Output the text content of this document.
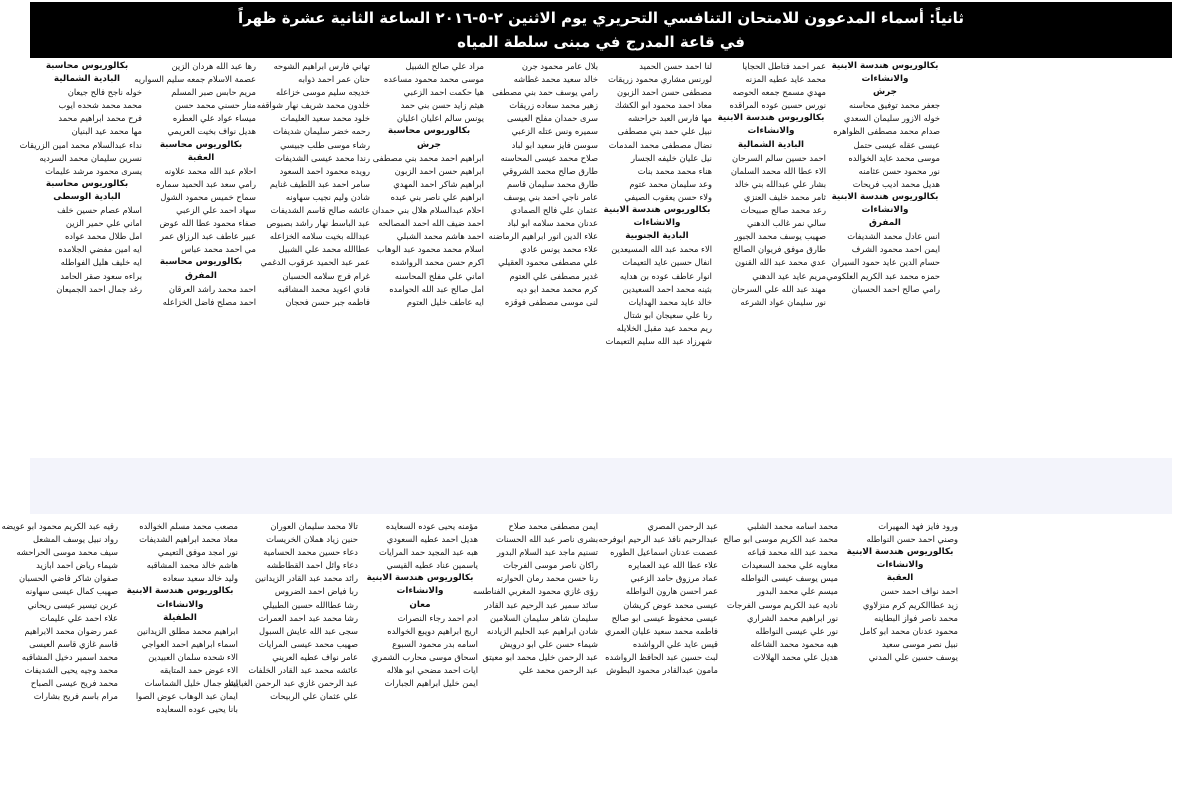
ثانياً: أسماء المدعوون للامتحان التنافسي التحريري يوم الاثنين ٢-٥-٢٠١٦ الساعة الثانية عشرة ظهراً
في قاعة المدرج في مبنى سلطة المياه
بكالوريوس محاسبة
البادية الشمالية
خوله ناجح فالح جيعان
محمد محمد شحده ايوب
فرح محمد ابراهيم محمد
مها محمد عيد البنيان
نداء عبدالسلام محمد امين الزريقات
نسرين سليمان محمد السرديه
يسرى محمود مرشد عليمات
بكالوريوس محاسبة
البادية الوسطى
اسلام عصام حسين خلف
اماني علي حمير الزين
امل طلال محمد عواده
ايه امين مفضي الجلامده
ايه خليف هليل الفواطله
براءه سعود صقر الحامد
رغد جمال احمد الجميعان
رها عبد الله هردان الزين
عصمة الاسلام جمعه سليم السواريه
مريم حابس صبر المسلم
منار حسني محمد حسن
ميساء عواد علي العطره
هديل نواف بخيت العريمي
بكالوريوس محاسبة
العقبة
احلام عبد الله محمد علاونه
رامي سعد عبد الحميد سماره
سماح خميس محمود الشول
سهاد احمد علي الزعبي
صفاء محمود عطا الله عوض
عبير عاطف عبد الرزاق عمر
مي احمد محمد عباس
بكالوريوس محاسبة
المفرق
احمد محمد راشد العرقان
احمد مصلح فاضل الخزاعله
تهاني فارس ابراهيم الشوحه
حنان عمر احمد ذوابه
خديجه سليم موسى خزاعله
خلدون محمد شريف نهار شواقفه
خلود محمد سعيد العليمات
رحمه خضر سليمان شديفات
رشاء موسى طلب جبيسي
رندا محمد عيسى الشديفات
رويده محمود احمد السعود
سامر احمد عبد اللطيف غنايم
شادن وليم نجيب سهاونه
عائشه صالح قاسم الشديفات
عبد الباسط نهار راشد بصبوص
عبدالله بخيت سلامه الخزاعله
عطاالله محمد علي الشبيل
عمر عبد الحميد عرقوب الدغمي
غرام فرج سلامه الحسبان
فادي اعويد محمد المشاقبه
فاطمه جبر حسن فحجان
مراد علي صالح الشبيل
موسى محمد محمود مساعده
هيا حكمت احمد الزعبي
هيثم زايد حسن بني حمد
يونس سالم اعليان اعليان
بكالوريوس محاسبة
جرش
ابراهيم احمد محمد بني مصطفى
ابراهيم حسن احمد الزبون
ابراهيم شاكر احمد المهدي
ابراهيم علي ناصر بني عبده
احلام عبدالسلام هلال بني حمدان
احمد ضيف الله احمد المصالحه
احمد هاشم محمد الشبلي
اسلام محمد محمود عبد الوهاب
اكرم حسن محمد الرواشده
اماني علي مفلح المحاسنه
امل صالح عبد الله الحوامده
ايه عاطف خليل العتوم
بلال عامر محمود جرن
خالد سعيد محمد غطاشه
رامي يوسف حمد بني مصطفى
زهير محمد سعاده زريقات
سرى حمدان مفلح العيسى
سميره ونس عتله الزعبي
سوسن فايز سعيد ابو لباد
صلاح محمد عيسى المحاسنه
طارق صالح محمد الشروقي
طارق محمد سليمان قاسم
عامر ناجي احمد بني يوسف
عثمان علي فالح الصمادي
عدنان محمد سلامه ابو لباد
علاء الدين انور ابراهيم الرماضنه
علاء محمد يونس عادي
علي مصطفى محمود العقيلي
غدير مصطفى علي العتوم
كرم محمد محمد ابو ديه
لنى موسى مصطفى فوقزه
لنا احمد حسن الحميد
لورنس مشاري محمود زريقات
مصطفى حسن احمد الزبون
معاذ احمد محمود ابو الكشك
مها فارس العبد حراحشه
نبيل علي حمد بني مصطفى
نضال مصطفى محمد المدمات
نيل عليان خليفه الجسار
هناء محمد محمد بنات
وعد سليمان محمد عتوم
ولاء حسن يعقوب الصيفي
بكالوريوس هندسة الابنية
والانشاءات
البادية الجنوبية
الاء محمد عبد الله المسيعدين
انفال حسين عايد التعيمات
انوار عاطف عوده بن هدايه
بثينه محمد احمد السعيدين
خالد عايد محمد الهدايات
رنا علي سعيجان ابو شتال
ريم محمد عيد مقبل الخلايله
شهرزاد عبد الله سليم التعيمات
عمر احمد فتاطل الحجايا
محمد عايد عطيه المزنه
مهدي مسمح جمعه الحوصه
نورس حسين عوده المراقده
بكالوريوس هندسة الابنية
والانشاءات
البادية الشمالية
احمد حسين سالم السرحان
الاء عطا الله محمد السلمان
بشار علي عبدالله بني خالد
ثامر محمد خليف العنزي
رعد محمد صالح صبيحات
سالي نمر غالب الدهني
صهيب يوسف محمد الجبور
طارق موفق فريوان الصالح
عدي محمد عبد الله القنون
مريم عايد عيد الدهني
مهند عبد الله علي السرحان
نور سليمان عواد الشرعه
بكالوريوس هندسة الابنية
والانشاءات
جرش
جعفر محمد توفيق محاسنه
خوله الازور سليمان السعدي
صدام محمد مصطفى الظواهره
عيسى عقله عيسى حتمل
موسى محمد عايد الخوالده
نور محمود حسن عثامنه
هديل محمد اديب فريحات
بكالوريوس هندسة الابنية
والانشاءات
المفرق
انس عادل محمد الشديفات
ايمن احمد محمود الشرف
حسام الدين عايد حمود السيران
حمزه محمد عبد الكريم العلكومي
رامي صالح احمد الحسبان
رقيه عبد الكريم محمود ابو عويضه
رواد نبيل يوسف المشعل
سيف محمد موسى الحراحشه
شيماء رياض احمد ابازيد
صفوان شاكر فاضي الحسبان
صهيب كمال عيسى سهاونه
عرين تيسير عيسى ريحاني
علاء احمد علي عليمات
عمر رضوان محمد الابراهيم
قاسم غازي قاسم العيسى
محمد اسمير دخيل المشاقبه
محمد وجيه يحيى الشديفات
محمد فريح عيسى الصباح
مرام باسم فريح بشارات
مصعب محمد مسلم الخوالده
معاذ محمد ابراهيم الشديفات
نور امجد موفق التعيمي
هاشم خالد محمد المشاقبه
وليد خالد سعيد سعاده
بكالوريوس هندسة الابنية
والانشاءات
الطفيلة
ابراهيم محمد مطلق الزيدانين
اسماء ابراهيم احمد العواجي
الاء شحده سلمان العبيدين
الاء عوض حمد المتايقه
ايثار جمال خليل الشماسات
ايمان عبد الوهاب عوض الصوا
بانا يحيى عوده السعايده
تالا محمد سليمان العوران
حنين زياد هملان الخريسات
دعاء حسين محمد الحسامية
دعاء وائل احمد القطاطشه
رائد محمد عبد القادر الزيدانين
ربا فياض احمد الضروس
رشا عطاالله حسين الطبيلي
رشا محمد عبد احمد العمرات
سجى عبد الله عايش السبول
صهيب محمد عيسى المرايات
عامر نواف عطيه العريني
عائشه محمد عبد القادر الخلفات
عبد الرحمن غازي عبد الرحمن الغبايشه
علي عثمان علي الربيحات
مؤمنه يحيى عوده السعايده
هديل احمد عطيه السعودي
هبه عبد المجيد حمد المرايات
ياسمين عناد عطيه القيسي
بكالوريوس هندسة الابنية
والانشاءات
معان
ادم احمد رجاء النصرات
اريج ابراهيم دويبع الخوالده
اسامه بدر محمود السبوع
اسحاق موسى محارب الشمري
ايات احمد مضحي ابو هلاله
ايمن خليل ابراهيم الجبارات
ايمن مصطفى محمد صلاح
بشرى ناصر عبد الله الحسنات
تسنيم ماجد عبد السلام البدور
راكان ناصر موسى الفرجات
رنا حسن محمد رمان الحوارته
رؤى غازي محمود المغربي الفناطسه
سائد سمير عبد الرحيم عبد القادر
سليمان شاهر سليمان السلامين
شادن ابراهيم عبد الحليم الزيادنه
شيماء حسن علي ابو درويش
عبد الرحمن خليل محمد ابو معيتق
عبد الرحمن محمد علي
عبد الرحمن المصري
عبدالرحيم نافذ عبد الرحيم ابوفرحه
عصمت عدنان اسماعيل الطوره
علاء عطا الله عيد العمايره
عماد مرزوق حامد الزعبي
عمر احسن هارون النواطله
عيسى محمد عوض كريشان
عيسى محفوظ عيسى ابو صالح
فاطمه محمد سعيد عليان العمري
قيس عايد علي الرواشده
لبث حسين عبد الحافظ الرواشده
مامون عبدالقادر محمود البطوش
محمد اسامه محمد الشلبي
محمد عبد الكريم موسى ابو صالح
محمد عبد الله محمد قباعه
معاويه علي محمد السعيدات
ميس يوسف عيسى النواطله
ميسم علي محمد البدور
ناديه عبد الكريم موسى الفرجات
نور ابراهيم محمد الشراري
نور علي عيسى النواطله
هبه محمود محمد الشاعله
هديل علي محمد الهلالات
ورود فايز فهد المهيرات
وصني احمد حسن النواطله
بكالوريوس هندسة الابنية
والانشاءات
العقبة
احمد نواف احمد حسن
زيد عطاالكريم كرم منزلاوي
محمد ناصر فواز البطاينه
محمود عدنان محمد ابو كامل
نبيل نصر موسى سعيد
يوسف حسين علي المدني
